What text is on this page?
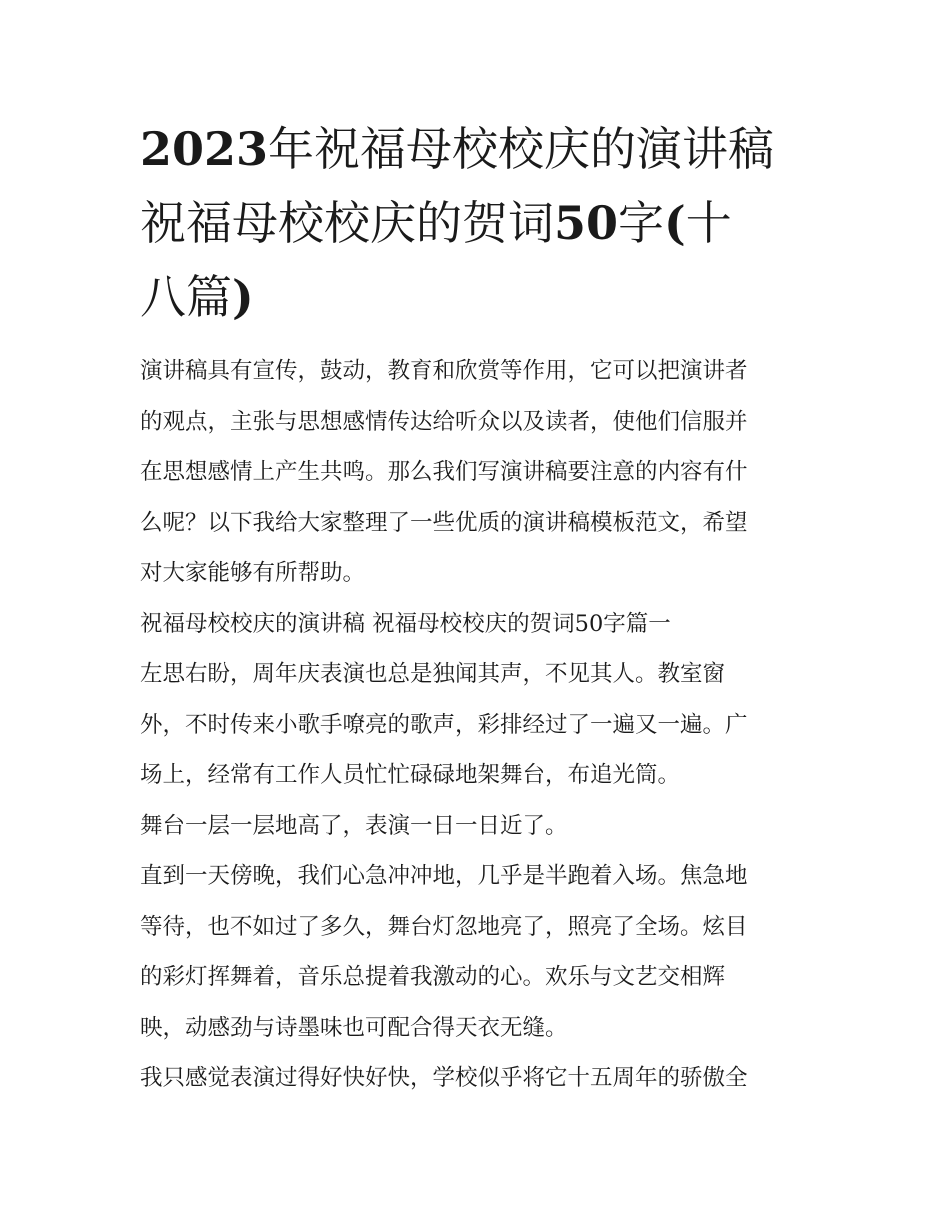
2023年祝福母校校庆的演讲稿
祝福母校校庆的贺词50字(十
八篇)

演讲稿具有宣传，鼓动，教育和欣赏等作用，它可以把演讲者
的观点，主张与思想感情传达给听众以及读者，使他们信服并
在思想感情上产生共鸣。那么我们写演讲稿要注意的内容有什
么呢？以下我给大家整理了一些优质的演讲稿模板范文，希望
对大家能够有所帮助。

祝福母校校庆的演讲稿 祝福母校校庆的贺词50字篇一

左思右盼，周年庆表演也总是独闻其声，不见其人。教室窗
外，不时传来小歌手嘹亮的歌声，彩排经过了一遍又一遍。广
场上，经常有工作人员忙忙碌碌地架舞台，布追光筒。

舞台一层一层地高了，表演一日一日近了。

直到一天傍晚，我们心急冲冲地，几乎是半跑着入场。焦急地
等待，也不如过了多久，舞台灯忽地亮了，照亮了全场。炫目
的彩灯挥舞着，音乐总提着我激动的心。欢乐与文艺交相辉
映，动感劲与诗墨味也可配合得天衣无缝。

我只感觉表演过得好快好快，学校似乎将它十五周年的骄傲全
